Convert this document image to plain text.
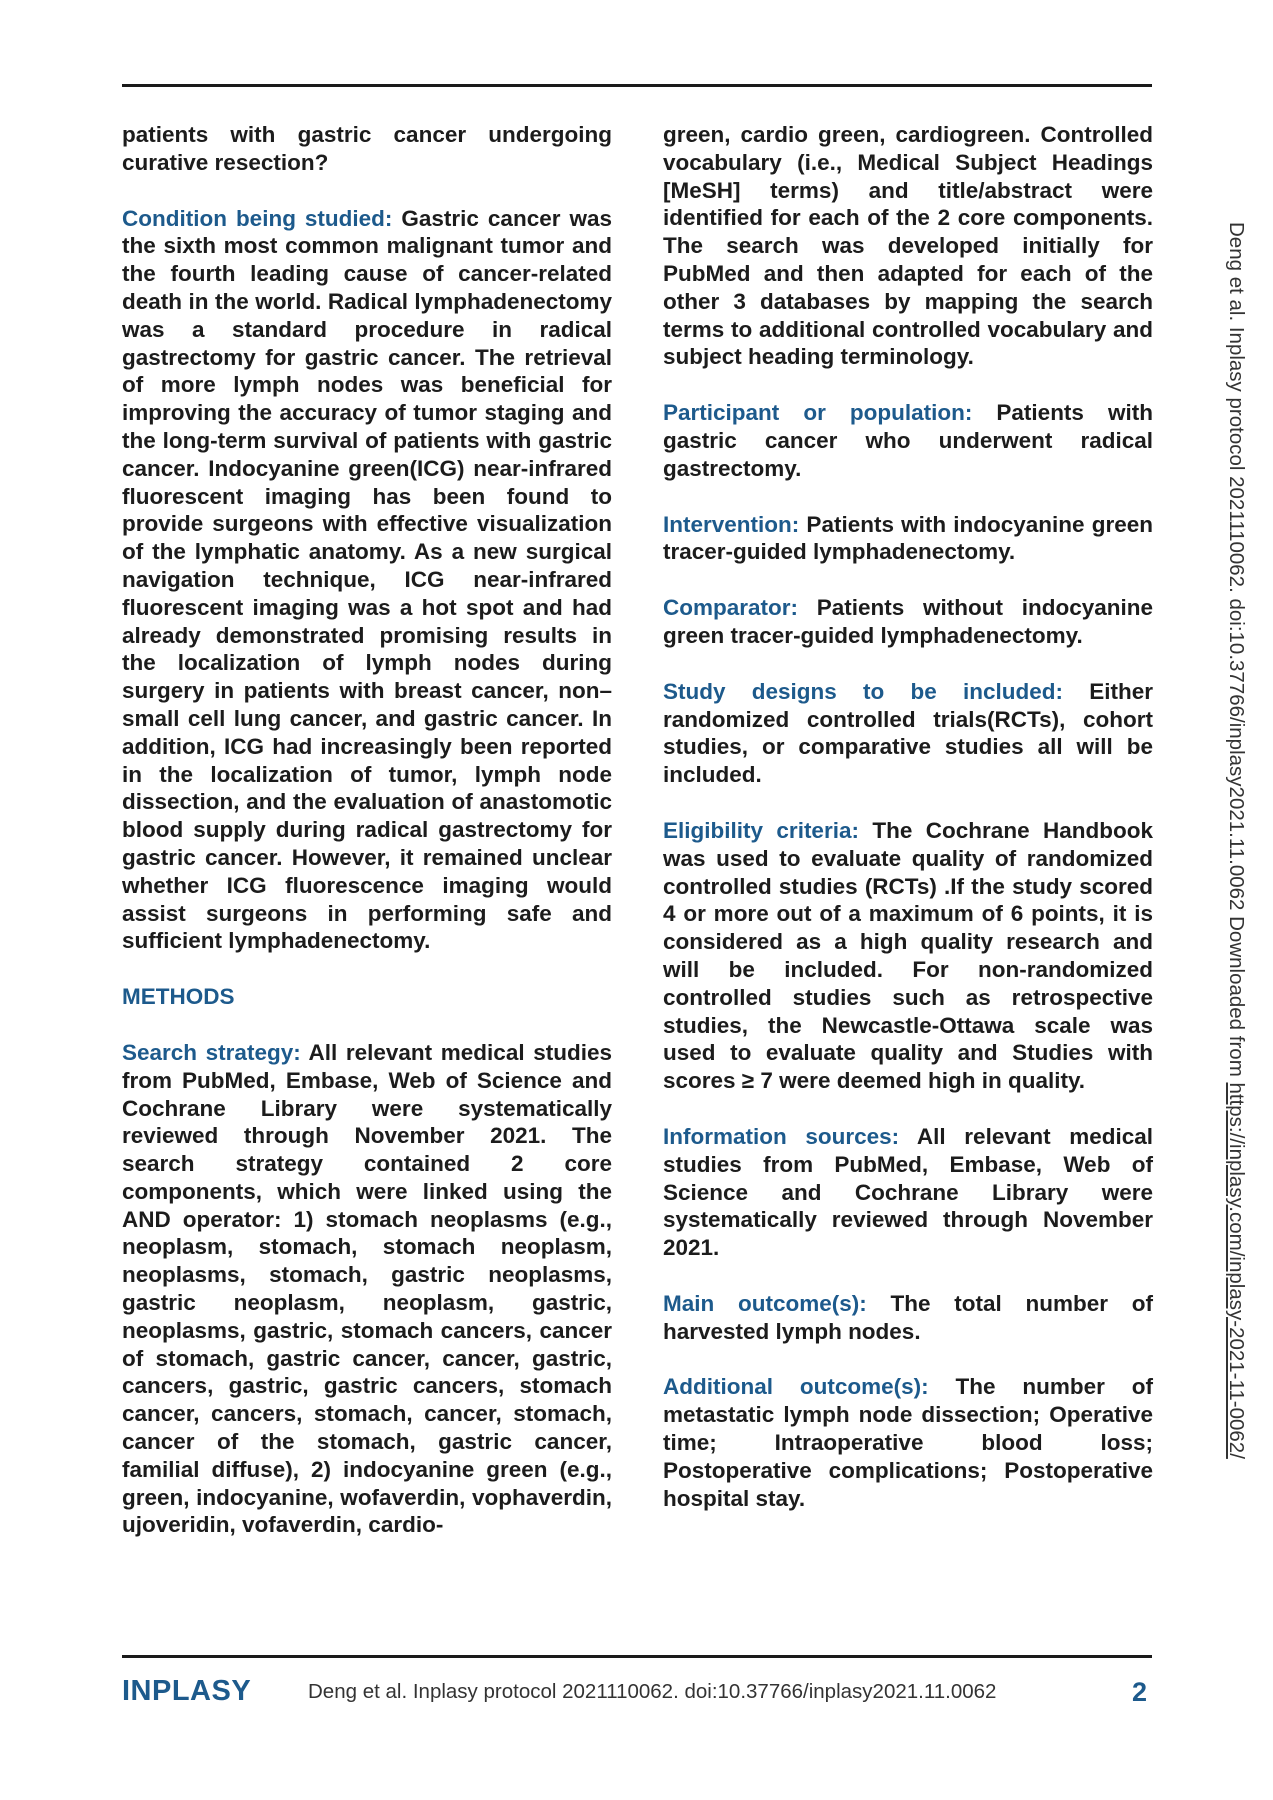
patients with gastric cancer undergoing curative resection?

Condition being studied: Gastric cancer was the sixth most common malignant tumor and the fourth leading cause of cancer-related death in the world. Radical lymphadenectomy was a standard procedure in radical gastrectomy for gastric cancer. The retrieval of more lymph nodes was beneficial for improving the accuracy of tumor staging and the long-term survival of patients with gastric cancer. Indocyanine green(ICG) near-infrared fluorescent imaging has been found to provide surgeons with effective visualization of the lymphatic anatomy. As a new surgical navigation technique, ICG near-infrared fluorescent imaging was a hot spot and had already demonstrated promising results in the localization of lymph nodes during surgery in patients with breast cancer, non–small cell lung cancer, and gastric cancer. In addition, ICG had increasingly been reported in the localization of tumor, lymph node dissection, and the evaluation of anastomotic blood supply during radical gastrectomy for gastric cancer. However, it remained unclear whether ICG fluorescence imaging would assist surgeons in performing safe and sufficient lymphadenectomy.

METHODS

Search strategy: All relevant medical studies from PubMed, Embase, Web of Science and Cochrane Library were systematically reviewed through November 2021. The search strategy contained 2 core components, which were linked using the AND operator: 1) stomach neoplasms (e.g., neoplasm, stomach, stomach neoplasm, neoplasms, stomach, gastric neoplasms, gastric neoplasm, neoplasm, gastric, neoplasms, gastric, stomach cancers, cancer of stomach, gastric cancer, cancer, gastric, cancers, gastric, gastric cancers, stomach cancer, cancers, stomach, cancer, stomach, cancer of the stomach, gastric cancer, familial diffuse), 2) indocyanine green (e.g., green, indocyanine, wofaverdin, vophaverdin, ujoveridin, vofaverdin, cardio-

green, cardio green, cardiogreen. Controlled vocabulary (i.e., Medical Subject Headings [MeSH] terms) and title/abstract were identified for each of the 2 core components. The search was developed initially for PubMed and then adapted for each of the other 3 databases by mapping the search terms to additional controlled vocabulary and subject heading terminology.

Participant or population: Patients with gastric cancer who underwent radical gastrectomy.

Intervention: Patients with indocyanine green tracer-guided lymphadenectomy.

Comparator: Patients without indocyanine green tracer-guided lymphadenectomy.

Study designs to be included: Either randomized controlled trials(RCTs), cohort studies, or comparative studies all will be included.

Eligibility criteria: The Cochrane Handbook was used to evaluate quality of randomized controlled studies (RCTs) .If the study scored 4 or more out of a maximum of 6 points, it is considered as a high quality research and will be included. For non-randomized controlled studies such as retrospective studies, the Newcastle-Ottawa scale was used to evaluate quality and Studies with scores ≥ 7 were deemed high in quality.

Information sources: All relevant medical studies from PubMed, Embase, Web of Science and Cochrane Library were systematically reviewed through November 2021.

Main outcome(s): The total number of harvested lymph nodes.

Additional outcome(s): The number of metastatic lymph node dissection; Operative time; Intraoperative blood loss; Postoperative complications; Postoperative hospital stay.

Deng et al. Inplasy protocol 2021110062. doi:10.37766/inplasy2021.11.0062 Downloaded from https://inplasy.com/inplasy-2021-11-0062/
INPLASY	Deng et al. Inplasy protocol 2021110062. doi:10.37766/inplasy2021.11.0062	2
